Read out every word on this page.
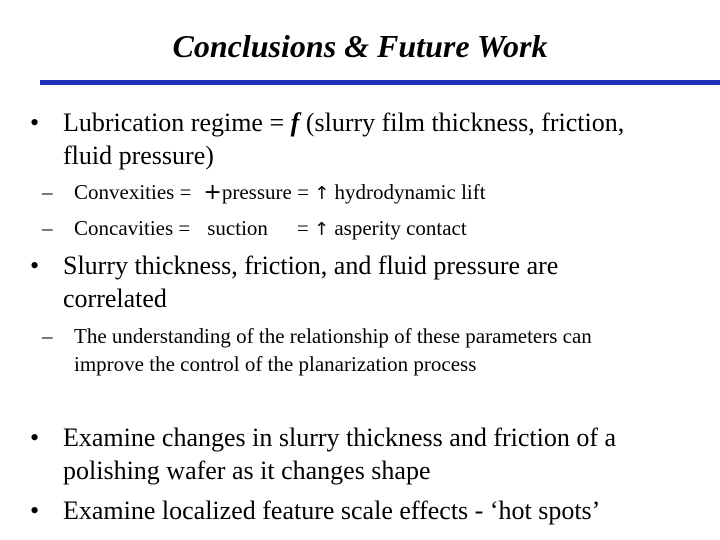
Conclusions & Future Work
• Lubrication regime = f (slurry film thickness, friction,
fluid pressure)
– Convexities = +pressure = ↑ hydrodynamic lift
– Concavities = suction = ↑ asperity contact
• Slurry thickness, friction, and fluid pressure are
correlated
– The understanding of the relationship of these parameters can
improve the control of the planarization process
• Examine changes in slurry thickness and friction of a
polishing wafer as it changes shape
• Examine localized feature scale effects - ‘hot spots’
